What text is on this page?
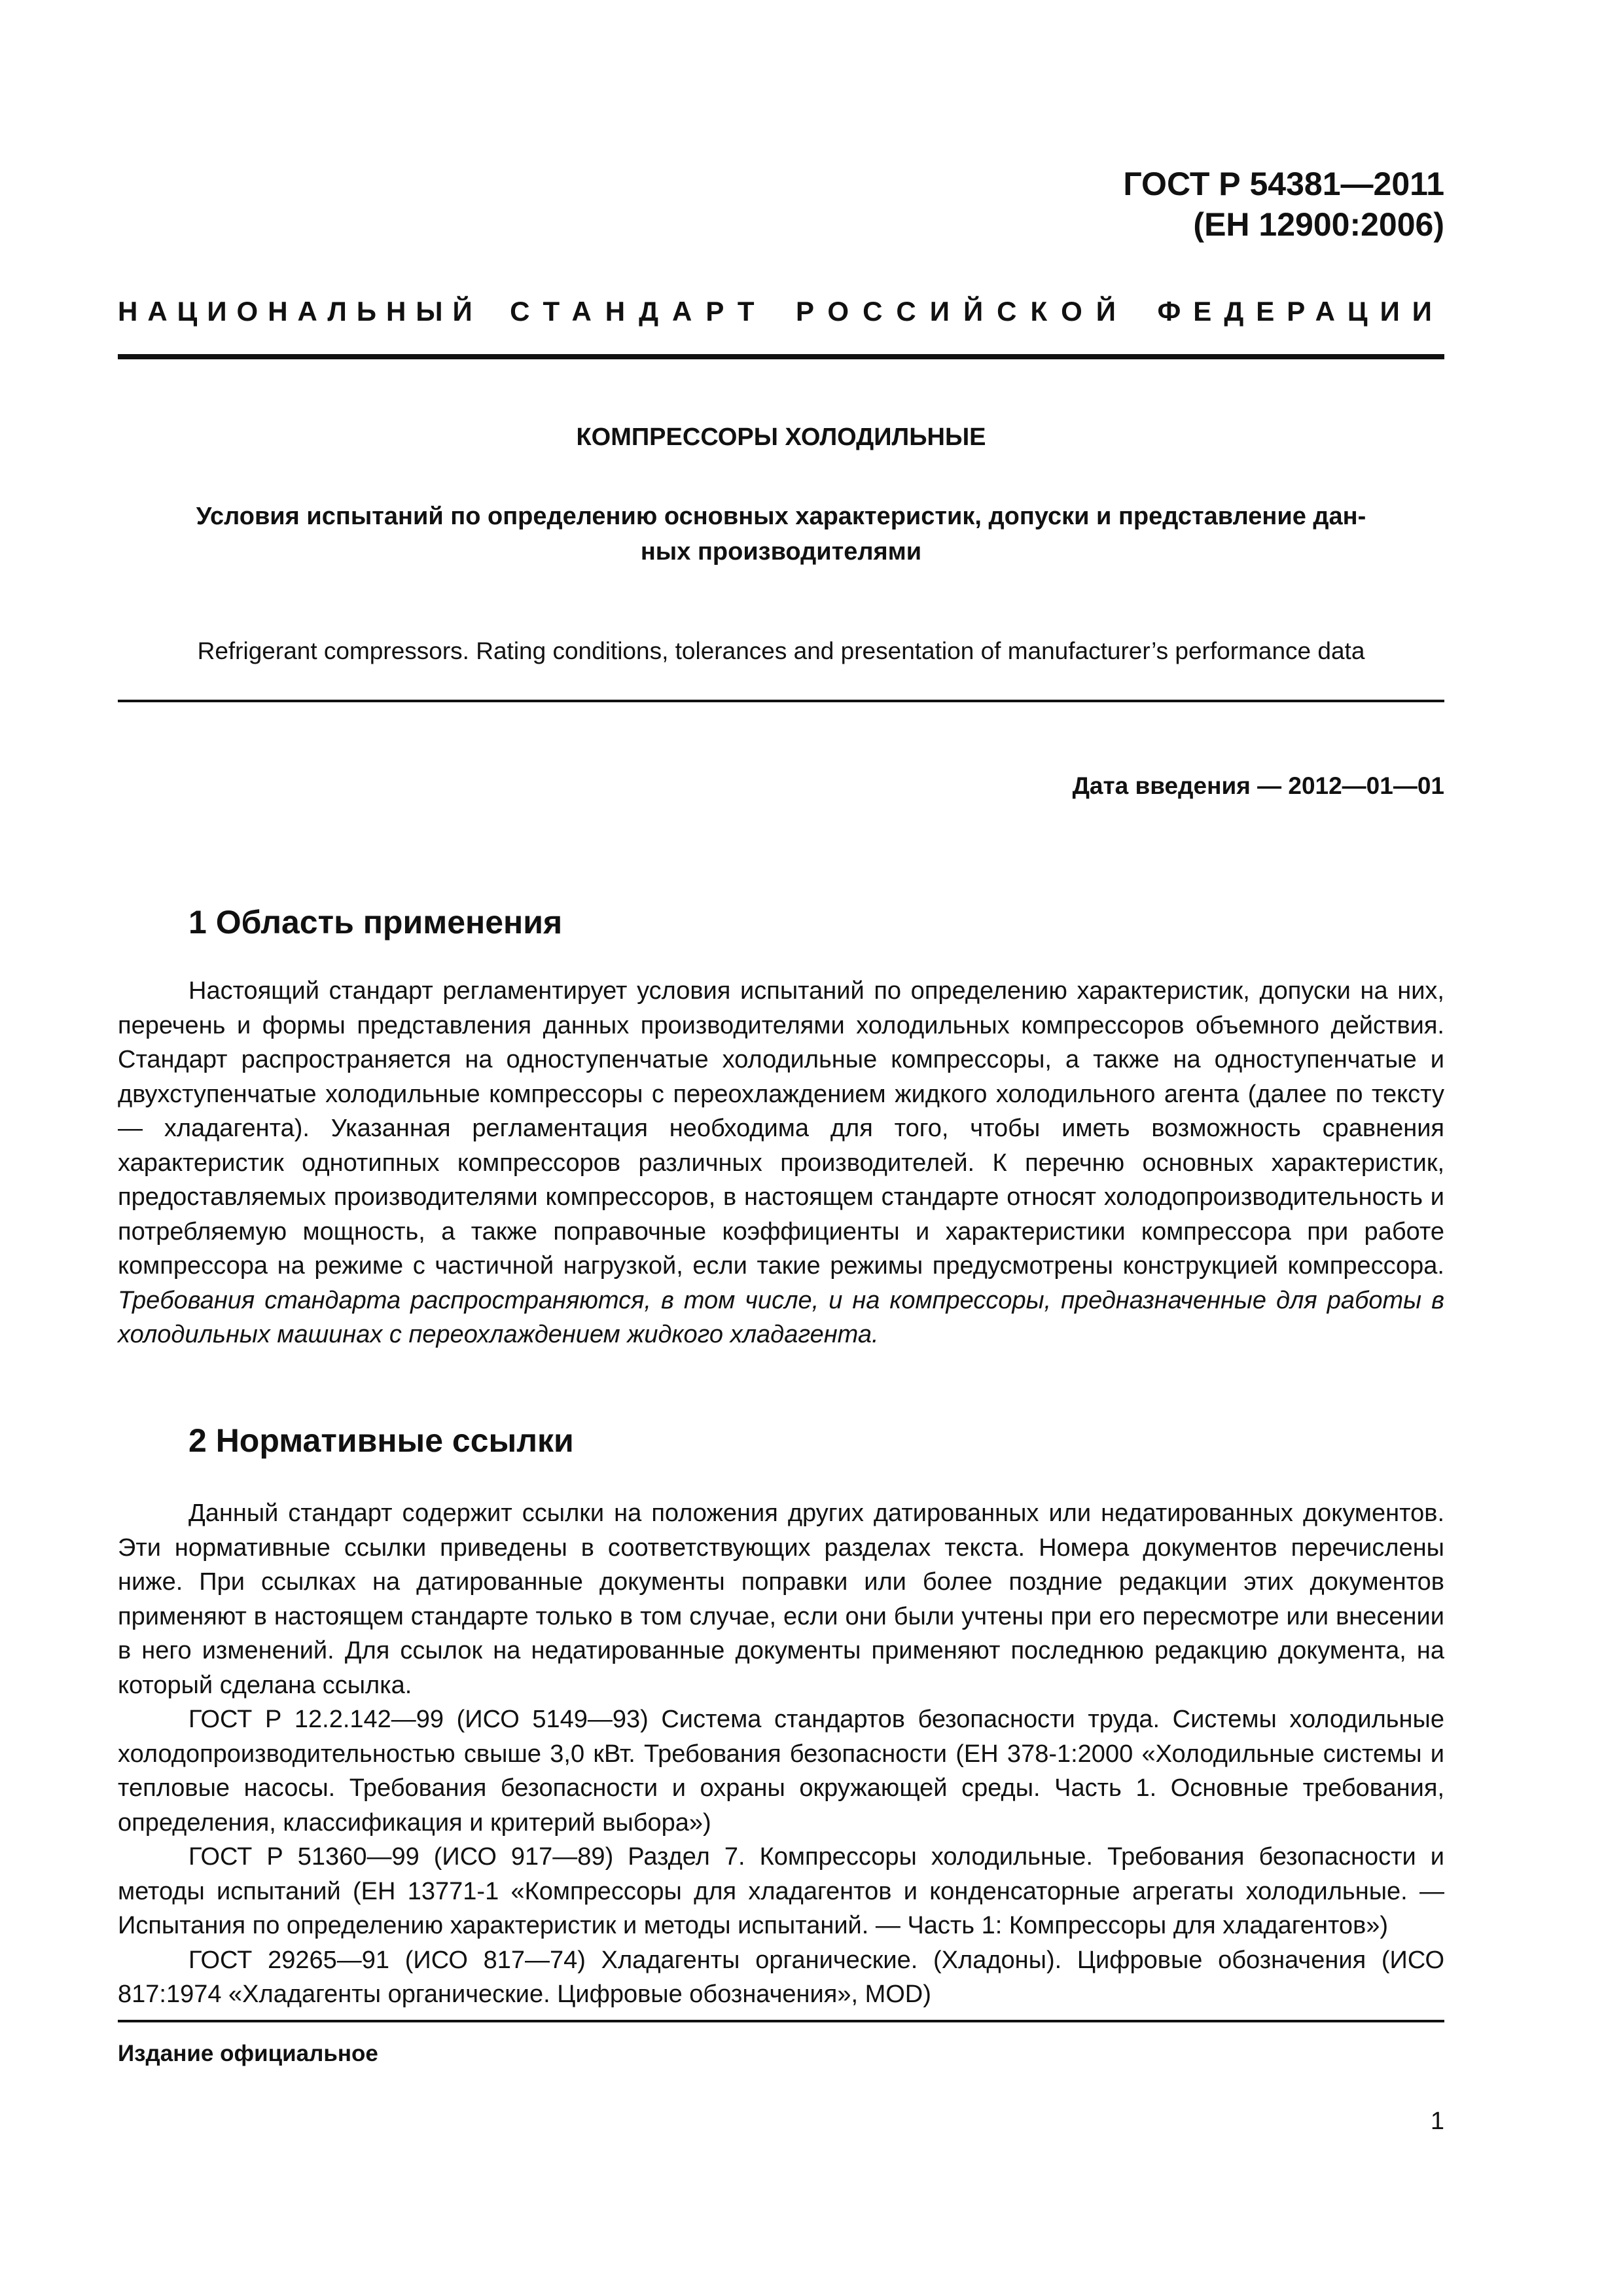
ГОСТ Р 54381—2011
(ЕН 12900:2006)
НАЦИОНАЛЬНЫЙ СТАНДАРТ РОССИЙСКОЙ ФЕДЕРАЦИИ
КОМПРЕССОРЫ ХОЛОДИЛЬНЫЕ
Условия испытаний по определению основных характеристик, допуски и представление дан-
ных производителями
Refrigerant compressors. Rating conditions, tolerances and presentation of manufacturer’s performance data
Дата введения — 2012—01—01
1 Область применения

Настоящий стандарт регламентирует условия испытаний по определению характеристик, допуски на них, перечень и формы представления данных производителями холодильных компрессоров объемного действия. Стандарт распространяется на одноступенчатые холодильные компрессоры, а также на одноступенчатые и двухступенчатые холодильные компрессоры с переохлаждением жидкого холодильного агента (далее по тексту — хладагента). Указанная регламентация необходима для того, чтобы иметь возможность сравнения характеристик однотипных компрессоров различных производителей. К перечню основных характеристик, предоставляемых производителями компрессоров, в настоящем стандарте относят холодопроизводительность и потребляемую мощность, а также поправочные коэффициенты и характеристики компрессора при работе компрессора на режиме с частичной нагрузкой, если такие режимы предусмотрены конструкцией компрессора. Требования стандарта распространяются, в том числе, и на компрессоры, предназначенные для работы в холодильных машинах с переохлаждением жидкого хладагента.

2 Нормативные ссылки

Данный стандарт содержит ссылки на положения других датированных или недатированных документов. Эти нормативные ссылки приведены в соответствующих разделах текста. Номера документов перечислены ниже. При ссылках на датированные документы поправки или более поздние редакции этих документов применяют в настоящем стандарте только в том случае, если они были учтены при его пересмотре или внесении в него изменений. Для ссылок на недатированные документы применяют последнюю редакцию документа, на который сделана ссылка.

ГОСТ Р 12.2.142—99 (ИСО 5149—93) Система стандартов безопасности труда. Системы холодильные холодопроизводительностью свыше 3,0 кВт. Требования безопасности (ЕН 378-1:2000 «Холодильные системы и тепловые насосы. Требования безопасности и охраны окружающей среды. Часть 1. Основные требования, определения, классификация и критерий выбора»)

ГОСТ Р 51360—99 (ИСО 917—89) Раздел 7. Компрессоры холодильные. Требования безопасности и методы испытаний (ЕН 13771-1 «Компрессоры для хладагентов и конденсаторные агрегаты холодильные. — Испытания по определению характеристик и методы испытаний. — Часть 1: Компрессоры для хладагентов»)

ГОСТ 29265—91 (ИСО 817—74) Хладагенты органические. (Хладоны). Цифровые обозначения (ИСО 817:1974 «Хладагенты органические. Цифровые обозначения», MOD)

Издание официальное
1
